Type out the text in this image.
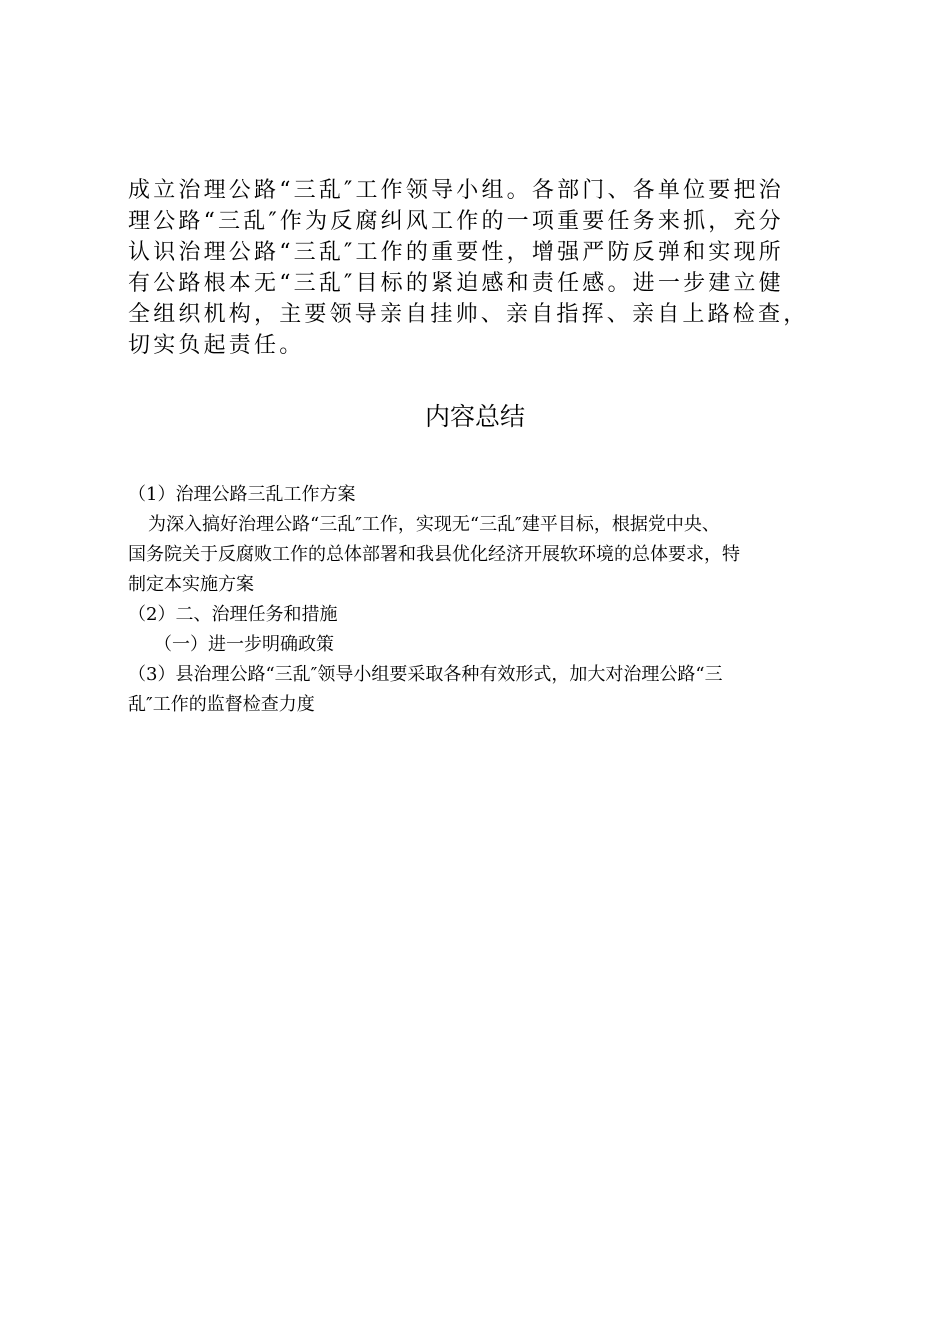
成立治理公路“三乱″工作领导小组。各部门、各单位要把治

理公路“三乱″作为反腐纠风工作的一项重要任务来抓，充分

认识治理公路“三乱″工作的重要性，增强严防反弹和实现所

有公路根本无“三乱″目标的紧迫感和责任感。进一步建立健

全组织机构，主要领导亲自挂帅、亲自指挥、亲自上路检查，

切实负起责任。

内容总结

（1）治理公路三乱工作方案

为深入搞好治理公路“三乱″工作，实现无“三乱″建平目标，根据党中央、

国务院关于反腐败工作的总体部署和我县优化经济开展软环境的总体要求，特

制定本实施方案

（2）二、治理任务和措施

（一）进一步明确政策

（3）县治理公路“三乱″领导小组要采取各种有效形式，加大对治理公路“三

乱″工作的监督检查力度
